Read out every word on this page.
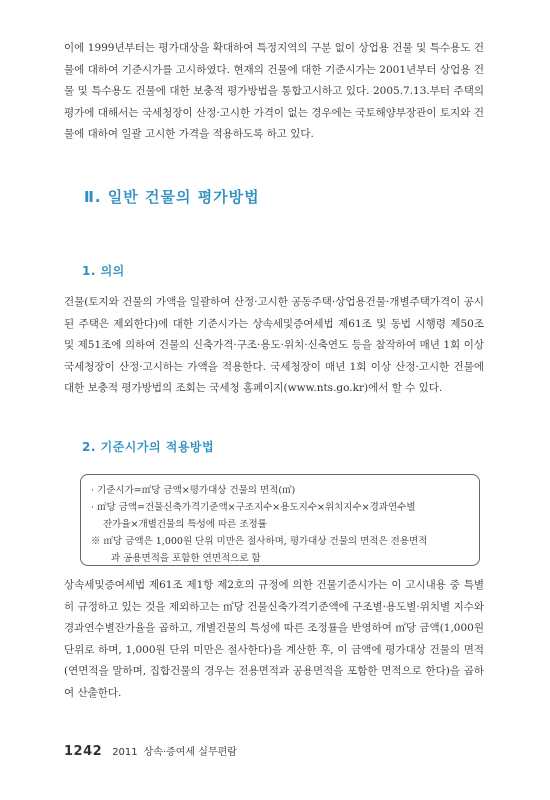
이에 1999년부터는 평가대상을 확대하여 특정지역의 구분 없이 상업용 건물 및 특수용도 건물에 대하여 기준시가를 고시하였다. 현재의 건물에 대한 기준시가는 2001년부터 상업용 건물 및 특수용도 건물에 대한 보충적 평가방법을 통합고시하고 있다. 2005.7.13.부터 주택의 평가에 대해서는 국세청장이 산정·고시한 가격이 없는 경우에는 국토해양부장관이 토지와 건물에 대하여 일괄 고시한 가격을 적용하도록 하고 있다.

Ⅱ. 일반 건물의 평가방법
1. 의의

건물(토지와 건물의 가액을 일괄하여 산정·고시한 공동주택·상업용건물·개별주택가격이 공시된 주택은 제외한다)에 대한 기준시가는 상속세및증여세법 제61조 및 동법 시행령 제50조 및 제51조에 의하여 건물의 신축가격·구조·용도·위치·신축연도 등을 참작하여 매년 1회 이상 국세청장이 산정·고시하는 가액을 적용한다. 국세청장이 매년 1회 이상 산정·고시한 건물에 대한 보충적 평가방법의 조회는 국세청 홈페이지(www.nts.go.kr)에서 할 수 있다.

2. 기준시가의 적용방법
· 기준시가=㎡당 금액×평가대상 건물의 면적(㎡)
· ㎡당 금액=건물신축가격기준액×구조지수×용도지수×위치지수×경과연수별
잔가율×개별건물의 특성에 따른 조정률
※ ㎡당 금액은 1,000원 단위 미만은 절사하며, 평가대상 건물의 면적은 전용면적
과 공용면적을 포함한 연면적으로 함

상속세및증여세법 제61조 제1항 제2호의 규정에 의한 건물기준시가는 이 고시내용 중 특별히 규정하고 있는 것을 제외하고는 ㎡당 건물신축가격기준액에 구조별·용도별·위치별 지수와 경과연수별잔가율을 곱하고, 개별건물의 특성에 따른 조정률을 반영하여 ㎡당 금액(1,000원 단위로 하며, 1,000원 단위 미만은 절사한다)을 계산한 후, 이 금액에 평가대상 건물의 면적(연면적을 말하며, 집합건물의 경우는 전용면적과 공용면적을 포함한 면적으로 한다)을 곱하여 산출한다.

1242 2011 상속·증여세 실무편람
